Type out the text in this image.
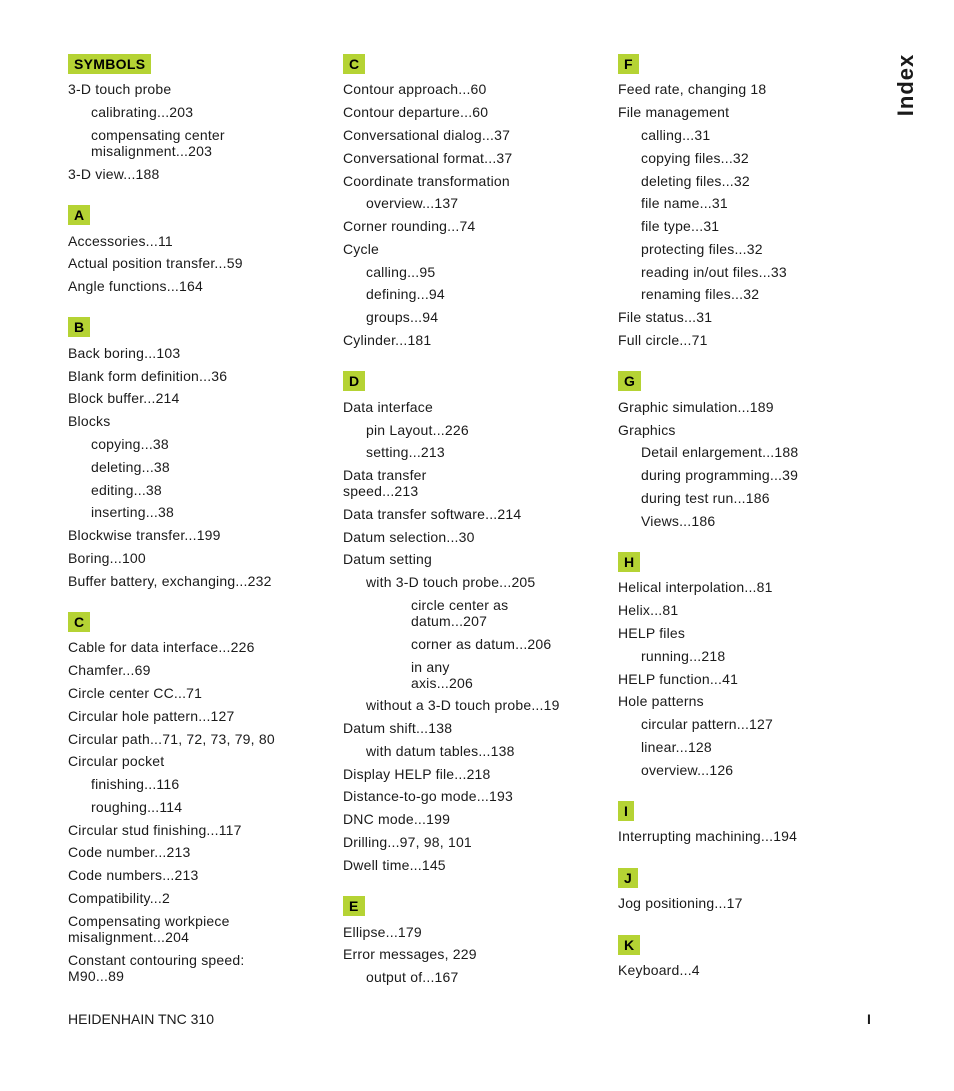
SYMBOLS
3-D touch probe
calibrating...203
compensating center
misalignment...203
3-D view...188
A
Accessories...11
Actual position transfer...59
Angle functions...164
B
Back boring...103
Blank form definition...36
Block buffer...214
Blocks
copying...38
deleting...38
editing...38
inserting...38
Blockwise transfer...199
Boring...100
Buffer battery, exchanging...232
C
Cable for data interface...226
Chamfer...69
Circle center CC...71
Circular hole pattern...127
Circular path...71, 72, 73, 79, 80
Circular pocket
finishing...116
roughing...114
Circular stud finishing...117
Code number...213
Code numbers...213
Compatibility...2
Compensating workpiece
misalignment...204
Constant contouring speed:
M90...89
C
Contour approach...60
Contour departure...60
Conversational dialog...37
Conversational format...37
Coordinate transformation
overview...137
Corner rounding...74
Cycle
calling...95
defining...94
groups...94
Cylinder...181
D
Data interface
pin Layout...226
setting...213
Data transfer
speed...213
Data transfer software...214
Datum selection...30
Datum setting
with 3-D touch probe...205
circle center as
datum...207
corner as datum...206
in any
axis...206
without a 3-D touch probe...19
Datum shift...138
with datum tables...138
Display HELP file...218
Distance-to-go mode...193
DNC mode...199
Drilling...97, 98, 101
Dwell time...145
E
Ellipse...179
Error messages, 229
output of...167
F
Feed rate, changing 18
File management
calling...31
copying files...32
deleting files...32
file name...31
file type...31
protecting files...32
reading in/out files...33
renaming files...32
File status...31
Full circle...71
G
Graphic simulation...189
Graphics
Detail enlargement...188
during programming...39
during test run...186
Views...186
H
Helical interpolation...81
Helix...81
HELP files
running...218
HELP function...41
Hole patterns
circular pattern...127
linear...128
overview...126
I
Interrupting machining...194
J
Jog positioning...17
K
Keyboard...4
Index
HEIDENHAIN TNC 310	I
